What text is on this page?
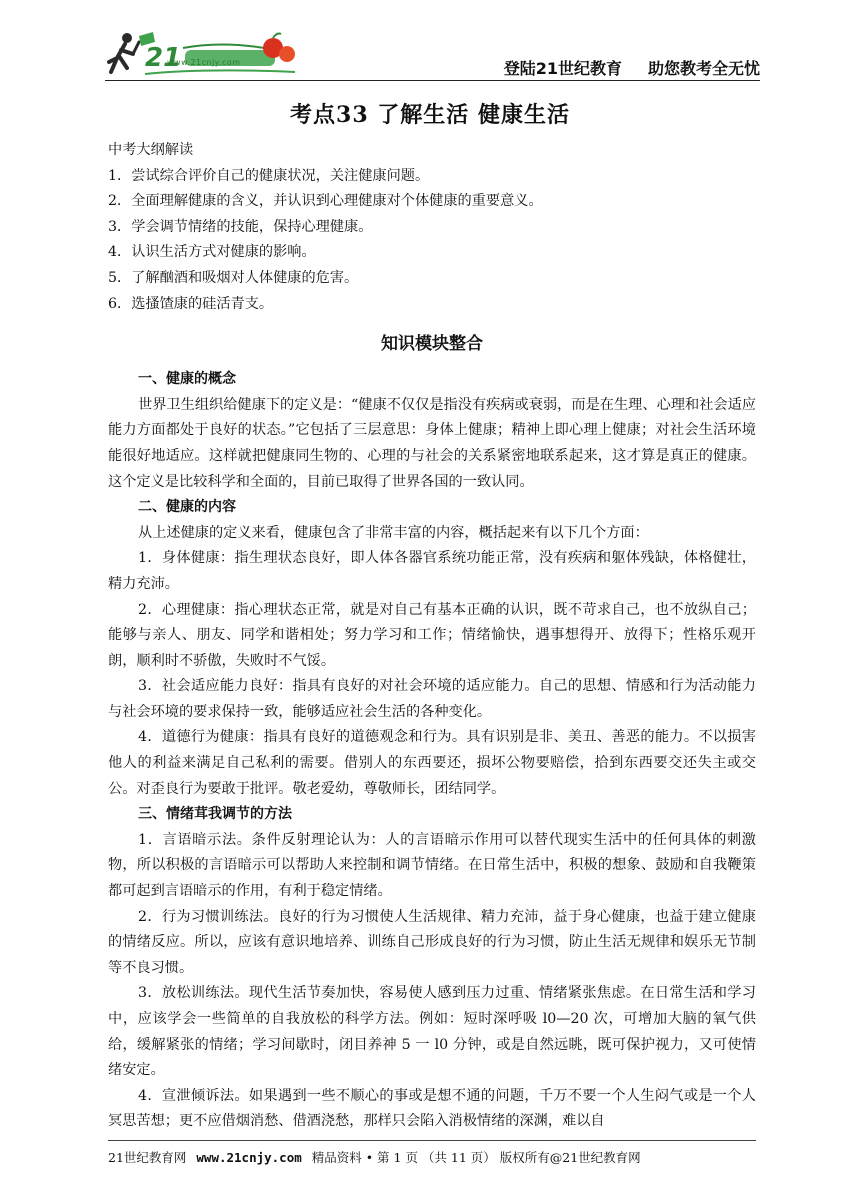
21
www.21cnjy.com	登陆21世纪教育 助您教考全无忧
考点33 了解生活 健康生活

中考大纲解读

1．尝试综合评价自己的健康状况，关注健康问题。

2．全面理解健康的含义，并认识到心理健康对个体健康的重要意义。

3．学会调节情绪的技能，保持心理健康。

4．认识生活方式对健康的影响。

5．了解酗酒和吸烟对人体健康的危害。

6．选搔馇康的硅活青支。

知识模块整合

一、健康的概念

世界卫生组织给健康下的定义是：“健康不仅仅是指没有疾病或衰弱，而是在生理、心理和社会适应能力方面都处于良好的状态。”它包括了三层意思：身体上健康；精神上即心理上健康；对社会生活环境能很好地适应。这样就把健康同生物的、心理的与社会的关系紧密地联系起来，这才算是真正的健康。这个定义是比较科学和全面的，目前已取得了世界各国的一致认同。

二、健康的内容

从上述健康的定义来看，健康包含了非常丰富的内容，概括起来有以下几个方面：

1．身体健康：指生理状态良好，即人体各器官系统功能正常，没有疾病和躯体残缺，体格健壮，精力充沛。

2．心理健康：指心理状态正常，就是对自己有基本正确的认识，既不苛求自己，也不放纵自己；能够与亲人、朋友、同学和谐相处；努力学习和工作；情绪愉快，遇事想得开、放得下；性格乐观开朗，顺利时不骄傲，失败时不气馁。

3．社会适应能力良好：指具有良好的对社会环境的适应能力。自己的思想、情感和行为活动能力与社会环境的要求保持一致，能够适应社会生活的各种变化。

4．道德行为健康：指具有良好的道德观念和行为。具有识别是非、美丑、善恶的能力。不以损害他人的利益来满足自己私利的需要。借别人的东西要还，损坏公物要赔偿，拾到东西要交还失主或交公。对歪良行为要敢于批评。敬老爱幼，尊敬师长，团结同学。

三、情绪茸我调节的方法

1．言语暗示法。条件反射理论认为：人的言语暗示作用可以替代现实生活中的任何具体的刺激物，所以积极的言语暗示可以帮助人来控制和调节情绪。在日常生活中，积极的想象、鼓励和自我鞭策都可起到言语暗示的作用，有利于稳定情绪。

2．行为习惯训练法。良好的行为习惯使人生活规律、精力充沛，益于身心健康，也益于建立健康的情绪反应。所以，应该有意识地培养、训练自己形成良好的行为习惯，防止生活无规律和娱乐无节制等不良习惯。

3．放松训练法。现代生活节奏加快，容易使人感到压力过重、情绪紧张焦虑。在日常生活和学习中，应该学会一些简单的自我放松的科学方法。例如：短时深呼吸 l0—20 次，可增加大脑的氧气供给，缓解紧张的情绪；学习间歇时，闭目养神 5 一 l0 分钟，或是自然远眺，既可保护视力，又可使情绪安定。

4．宣泄倾诉法。如果遇到一些不顺心的事或是想不通的问题，千万不要一个人生闷气或是一个人冥思苦想；更不应借烟消愁、借酒浇愁，那样只会陷入消极情绪的深渊，难以自

21世纪教育网 www.21cnjy.com 精品资料 • 第 1 页 （共 11 页） 版权所有@21世纪教育网
